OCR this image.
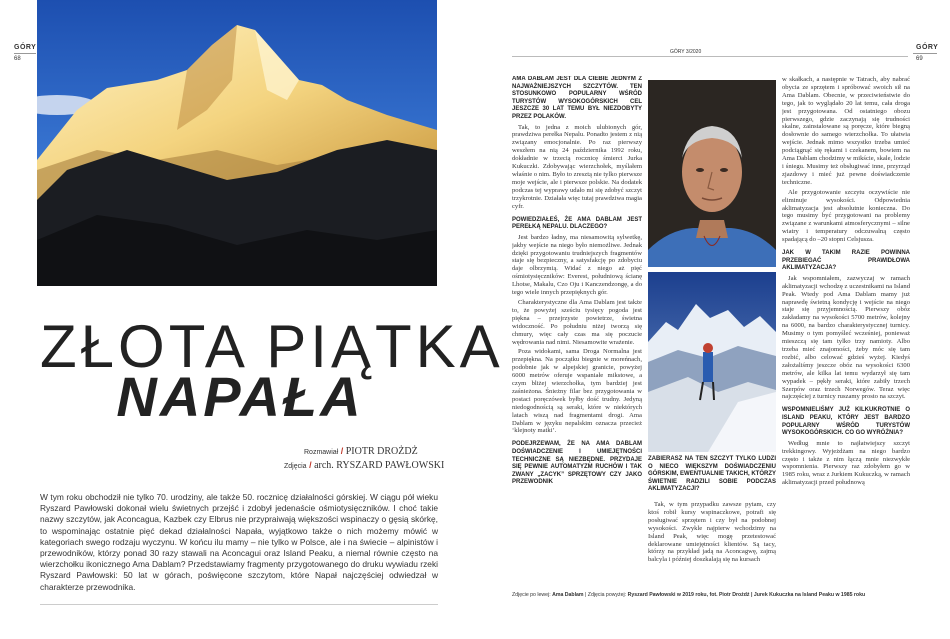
GÓRY
68
ZŁOTA PIĄTKA
NAPAŁA
Rozmawiał / PIOTR DROŻDŻ
Zdjęcia / arch. RYSZARD PAWŁOWSKI
W tym roku obchodził nie tylko 70. urodziny, ale także 50. rocznicę działalności górskiej. W ciągu pół wieku Ryszard Pawłowski dokonał wielu świetnych przejść i zdobył jedenaście ośmiotysięczników. I choć takie nazwy szczytów, jak Aconcagua, Kazbek czy Elbrus nie przypraiwają większości wspinaczy o gęsią skórkę, to wspominając ostatnie pięć dekad działalności Napała, wyjątkowo także o nich możemy mówić w kategoriach swego rodzaju wyczynu. W końcu ilu mamy – nie tylko w Polsce, ale i na świecie – alpinistów i przewodników, którzy ponad 30 razy stawali na Aconcagui oraz Island Peaku, a niemal równie często na wierzchołku ikonicznego Ama Dablam? Przedstawiamy fragmenty przygotowanego do druku wywiadu rzeki Ryszard Pawłowski: 50 lat w górach, poświęcone szczytom, które Napał najczęściej odwiedzał w charakterze przewodnika.
GÓRY
69
GÓRY 3/2020

AMA DABLAM JEST DLA CIEBIE JEDNYM Z NAJWAŻNIEJSZYCH SZCZYTÓW. TEN STOSUNKOWO POPULARNY WŚRÓD TURYSTÓW WYSOKOGÓRSKICH CEL JESZCZE 30 LAT TEMU BYŁ NIEZDOBYTY PRZEZ POLAKÓW.

Tak, to jedna z moich ulubionych gór, prawdziwa perełka Nepalu. Ponadto jestem z nią związany emocjonalnie. Po raz pierwszy weszłem na nią 24 października 1992 roku, dokładnie w trzecią rocznicę śmierci Jurka Kukuczki. Zdobywając wierzchołek, myślałem właśnie o nim. Było to zresztą nie tylko pierwsze moje wejście, ale i pierwsze polskie. Na dodatek podczas tej wyprawy udało mi się zdobyć szczyt trzykrotnie. Działała więc tutaj prawdziwa magia cyfr.

POWIEDZIAŁEŚ, ŻE AMA DABLAM JEST PEREŁKĄ NEPALU. DLACZEGO?

Jest bardzo ładny, ma niesamowitą sylwetkę, jakby wejście na niego było niemożliwe. Jednak dzięki przygotowaniu trudniejszych fragmentów staje się bezpieczny, a satysfakcję po zdobyciu daje olbrzymią. Widać z niego aż pięć ośmiotysięczników: Everest, południową ścianę Lhotse, Makalu, Czo Oju i Kanczendzongę, a do tego wiele innych przepięknych gór.

Charakterystyczne dla Ama Dablam jest także to, że powyżej sześciu tysięcy pogoda jest piękna – przejrzyste powietrze, świetna widoczność. Po południu niżej tworzą się chmury, więc cały czas ma się poczucie wędrowania nad nimi. Niesamowite wrażenie.

Poza widokami, sama Droga Normalna jest przepiękna. Na początku biegnie w moreńnach, podobnie jak w alpejskiej granicie, powyżej 6000 metrów oferuje wspaniałe mikstowe, a czym bliżej wierzchołka, tym bardziej jest zaśnieżona. Śnieżny filar bez przygotowania w postaci poręczówek byłby dość trudny. Jedyną niedogodnością są seraki, które w niektórych latach wiszą nad fragmentami drogi. Ama Dablam w języku nepalskim oznacza przecież ‘klejnoty matki’.

PODEJRZEWAM, ŻE NA AMA DABLAM DOŚWIADCZENIE I UMIEJĘTNOŚCI TECHNICZNE SĄ NIEZBĘDNE. PRZYDAJE SIĘ PEWNIE AUTOMATYZM RUCHÓW I TAK ZWANY „ZACYK” SPRZĘTOWY CZY JAKO PRZEWODNIK

ZABIERASZ NA TEN SZCZYT TYLKO LUDZI O NIECO WIĘKSZYM DOŚWIADCZENIU GÓRSKIM, EWENTUALNIE TAKICH, KTÓRZY ŚWIETNIE RADZILI SOBIE PODCZAS AKLIMATYZACJI?

Tak, w tym przypadku zawsze pytam, czy ktoś robił kursy wspinaczkowe, potrafi się posługiwać sprzętem i czy był na podobnej wysokości. Zwykle najpierw wchodzimy na Island Peak, więc mogę przetestować deklarowane umiejętności klientów. Są tacy, którzy na przykład jadą na Aconcagwę, zajmą balcyla i później doszkalają się na kursach

w skałkach, a następnie w Tatrach, aby nabrać obycia ze sprzętem i spróbować swoich sił na Ama Dablam. Obecnie, w przeciwieństwie do tego, jak to wyglądało 20 lat temu, cała droga jest przygotowana. Od ostatniego obozu pierwszego, gdzie zaczynają się trudności skalne, zainstalowane są poręcze, które biegną dosłownie do samego wierzchołka. To ułatwia wejście. Jednak mimo wszystko trzeba umieć podciągnąć się rękami i czekanem, bowiem na Ama Dablam chodzimy w mikście, skale, lodzie i śniegu. Musimy też obsługiwać inne, przyrząd zjazdowy i mieć już pewne doświadczenie techniczne.

Ale przygotowanie szczytu oczywiście nie eliminuje wysokości. Odpowiednia aklimatyzacja jest absolutnie konieczna. Do tego musimy być przygotowani na problemy związane z warunkami atmosferycznymi – silne wiatry i temperatury odczuwalną często spadającą do –20 stopni Celsjusza.

JAK W TAKIM RAZIE POWINNA PRZEBIEGAĆ PRAWIDŁOWA AKLIMATYZACJA?

Jak wspomniałem, zazwyczaj w ramach aklimatyzacji wchodzę z uczestnikami na Island Peak. Wtedy pod Ama Dablam mamy już naprawdę świetną kondycję i wejście na niego staje się przyjemnością. Pierwszy obóz zakładamy na wysokości 5700 metrów, kolejny na 6000, na bardzo charakterystycznej turnicy. Musimy o tym pomyśleć wcześniej, ponieważ mieszczą się tam tylko trzy namioty. Albo trzeba mieć znajomości, żeby móc się tam rozbić, albo celować gdzieś wyżej. Kiedyś założaliśmy jeszcze obóz na wysokości 6300 metrów, ale kilka lat temu wydarzył się tam wypadek – pękły seraki, które zabiły trzech Szerpów oraz trzech Norwegów. Teraz więc najczęściej z turnicy ruszamy prosto na szczyt.

WSPOMNIELIŚMY JUŻ KILKUKROTNIE O ISLAND PEAKU, KTÓRY JEST BARDZO POPULARNY WŚRÓD TURYSTÓW WYSOKOGÓRSKICH. CO GO WYRÓŻNIA?

Według mnie to najłatwiejszy szczyt trekkingowy. Wyjeżdżam na niego bardzo często i także z nim łączą mnie niezwykłe wspomnienia. Pierwszy raz zdobyłem go w 1985 roku, wraz z Jurkiem Kukuczką, w ramach aklimatyzacji przed połudnową

Zdjęcie po lewej: Ama Dablam | Zdjęcia powyżej: Ryszard Pawłowski w 2019 roku, fot. Piotr Drożdż | Jurek Kukuczka na Island Peaku w 1985 roku
